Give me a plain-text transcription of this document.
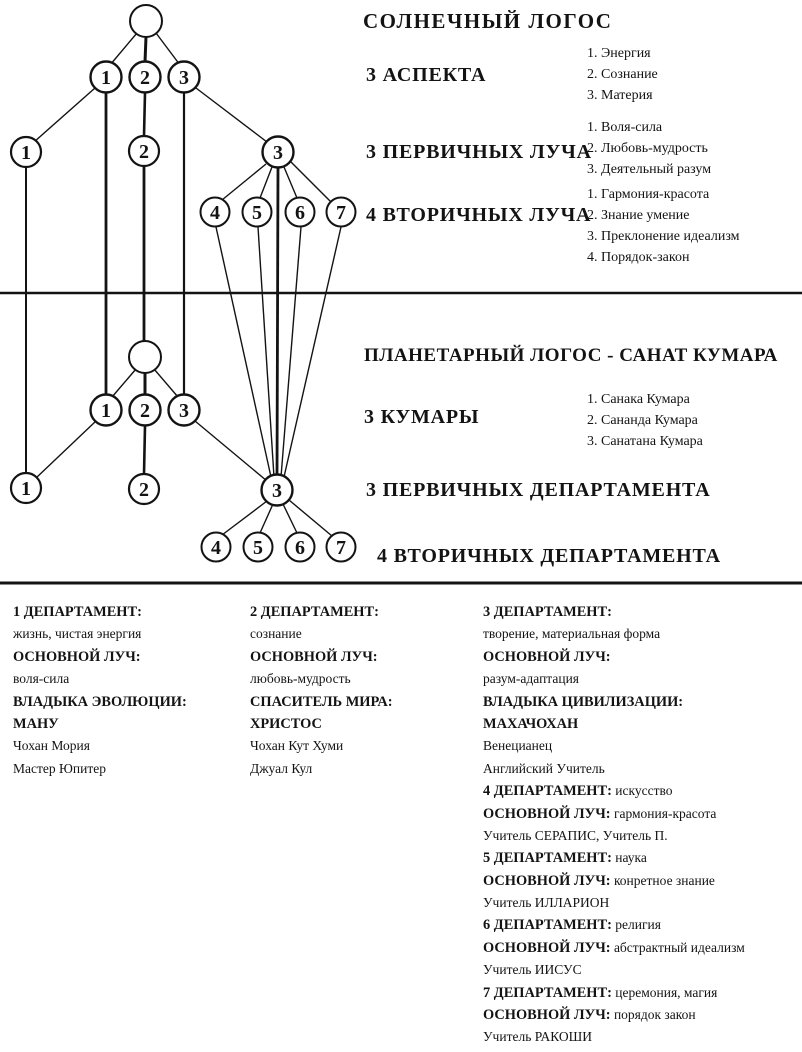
1 2 3
1	2	3
4 5 6 7
1 2 3
1	2	3
4 5 6 7
СОЛНЕЧНЫЙ ЛОГОС
3 АСПЕКТА
1. Энергия
2. Сознание
3. Материя
3 ПЕРВИЧНЫХ ЛУЧА
1. Воля-сила
2. Любовь-мудрость
3. Деятельный разум
4 ВТОРИЧНЫХ ЛУЧА
1. Гармония-красота
2. Знание умение
3. Преклонение идеализм
4. Порядок-закон
ПЛАНЕТАРНЫЙ ЛОГОС - САНАТ КУМАРА
3 КУМАРЫ
1. Санака Кумара
2. Сананда Кумара
3. Санатана Кумара
3 ПЕРВИЧНЫХ ДЕПАРТАМЕНТА
4 ВТОРИЧНЫХ ДЕПАРТАМЕНТА
1 ДЕПАРТАМЕНТ:
жизнь, чистая энергия
ОСНОВНОЙ ЛУЧ:
воля-сила
ВЛАДЫКА ЭВОЛЮЦИИ:
МАНУ
Чохан Мория
Мастер Юпитер
2 ДЕПАРТАМЕНТ:
сознание
ОСНОВНОЙ ЛУЧ:
любовь-мудрость
СПАСИТЕЛЬ МИРА:
ХРИСТОС
Чохан Кут Хуми
Джуал Кул
3 ДЕПАРТАМЕНТ:
творение, материальная форма
ОСНОВНОЙ ЛУЧ:
разум-адаптация
ВЛАДЫКА ЦИВИЛИЗАЦИИ:
МАХАЧОХАН
Венецианец
Английский Учитель
4 ДЕПАРТАМЕНТ: искусство
ОСНОВНОЙ ЛУЧ: гармония-красота
Учитель СЕРАПИС, Учитель П.
5 ДЕПАРТАМЕНТ: наука
ОСНОВНОЙ ЛУЧ: конретное знание
Учитель ИЛЛАРИОН
6 ДЕПАРТАМЕНТ: религия
ОСНОВНОЙ ЛУЧ: абстрактный идеализм
Учитель ИИСУС
7 ДЕПАРТАМЕНТ: церемония, магия
ОСНОВНОЙ ЛУЧ: порядок закон
Учитель РАКОШИ
